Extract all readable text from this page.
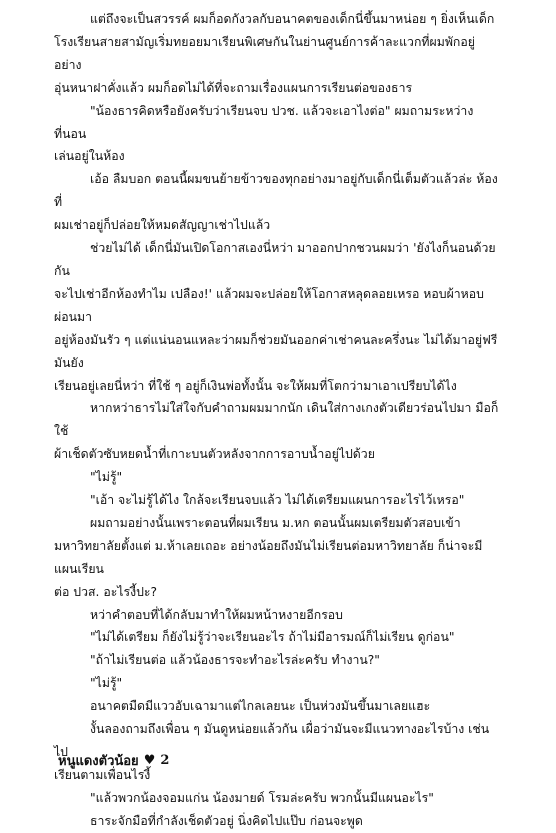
แต่ถึงจะเป็นสวรรค์ ผมก็อดกังวลกับอนาคตของเด็กนี่ขึ้นมาหน่อย ๆ ยิ่งเห็นเด็ก
โรงเรียนสายสามัญเริ่มทยอยมาเรียนพิเศษกันในย่านศูนย์การค้าละแวกที่ผมพักอยู่อย่าง
อุ่นหนาฝาคั่งแล้ว ผมก็อดไม่ได้ที่จะถามเรื่องแผนการเรียนต่อของธาร

"น้องธารคิดหรือยังครับว่าเรียนจบ ปวช. แล้วจะเอาไงต่อ" ผมถามระหว่างที่นอน
เล่นอยู่ในห้อง

เอ้อ ลืมบอก ตอนนี้ผมขนย้ายข้าวของทุกอย่างมาอยู่กับเด็กนี่เต็มตัวแล้วล่ะ ห้องที่
ผมเช่าอยู่ก็ปล่อยให้หมดสัญญาเช่าไปแล้ว

ช่วยไม่ได้ เด็กนี่มันเปิดโอกาสเองนี่หว่า มาออกปากชวนผมว่า 'ยังไงก็นอนด้วยกัน
จะไปเช่าอีกห้องทำไม เปลือง!' แล้วผมจะปล่อยให้โอกาสหลุดลอยเหรอ หอบผ้าหอบผ่อนมา
อยู่ห้องมันรัว ๆ แต่แน่นอนแหละว่าผมก็ช่วยมันออกค่าเช่าคนละครึ่งนะ ไม่ได้มาอยู่ฟรี มันยัง
เรียนอยู่เลยนี่หว่า ที่ใช้ ๆ อยู่ก็เงินพ่อทั้งนั้น จะให้ผมที่โตกว่ามาเอาเปรียบได้ไง

หากหว่าธารไม่ใส่ใจกับคำถามผมมากนัก เดินใส่กางเกงตัวเดียวร่อนไปมา มือก็ใช้
ผ้าเช็ดตัวซับหยดน้ำที่เกาะบนตัวหลังจากการอาบน้ำอยู่ไปด้วย

"ไม่รู้"

"เอ้า จะไม่รู้ได้ไง ใกล้จะเรียนจบแล้ว ไม่ได้เตรียมแผนการอะไรไว้เหรอ"

ผมถามอย่างนั้นเพราะตอนที่ผมเรียน ม.หก ตอนนั้นผมเตรียมตัวสอบเข้า
มหาวิทยาลัยตั้งแต่ ม.ห้าเลยเถอะ อย่างน้อยถึงมันไม่เรียนต่อมหาวิทยาลัย ก็น่าจะมีแผนเรียน
ต่อ ปวส. อะไรงี้ปะ?

หว่าคำตอบที่ได้กลับมาทำให้ผมหน้าหงายอีกรอบ

"ไม่ได้เตรียม ก็ยังไม่รู้ว่าจะเรียนอะไร ถ้าไม่มีอารมณ์ก็ไม่เรียน ดูก่อน"

"ถ้าไม่เรียนต่อ แล้วน้องธารจะทำอะไรล่ะครับ ทำงาน?"

"ไม่รู้"

อนาคตมืดมีแววอับเฉามาแต่ไกลเลยนะ เป็นห่วงมันขึ้นมาเลยแฮะ

งั้นลองถามถึงเพื่อน ๆ มันดูหน่อยแล้วกัน เผื่อว่ามันจะมีแนวทางอะไรบ้าง เช่นไป
เรียนตามเพื่อนไรงี้

"แล้วพวกน้องจอมแก่น น้องมายด์ โรมล่ะครับ พวกนั้นมีแผนอะไร"

ธาระจักมือที่กำลังเช็ดตัวอยู่ นิ่งคิดไปแป๊บ ก่อนจะพูด

หนูแดงตัวน้อย ♥ 2
